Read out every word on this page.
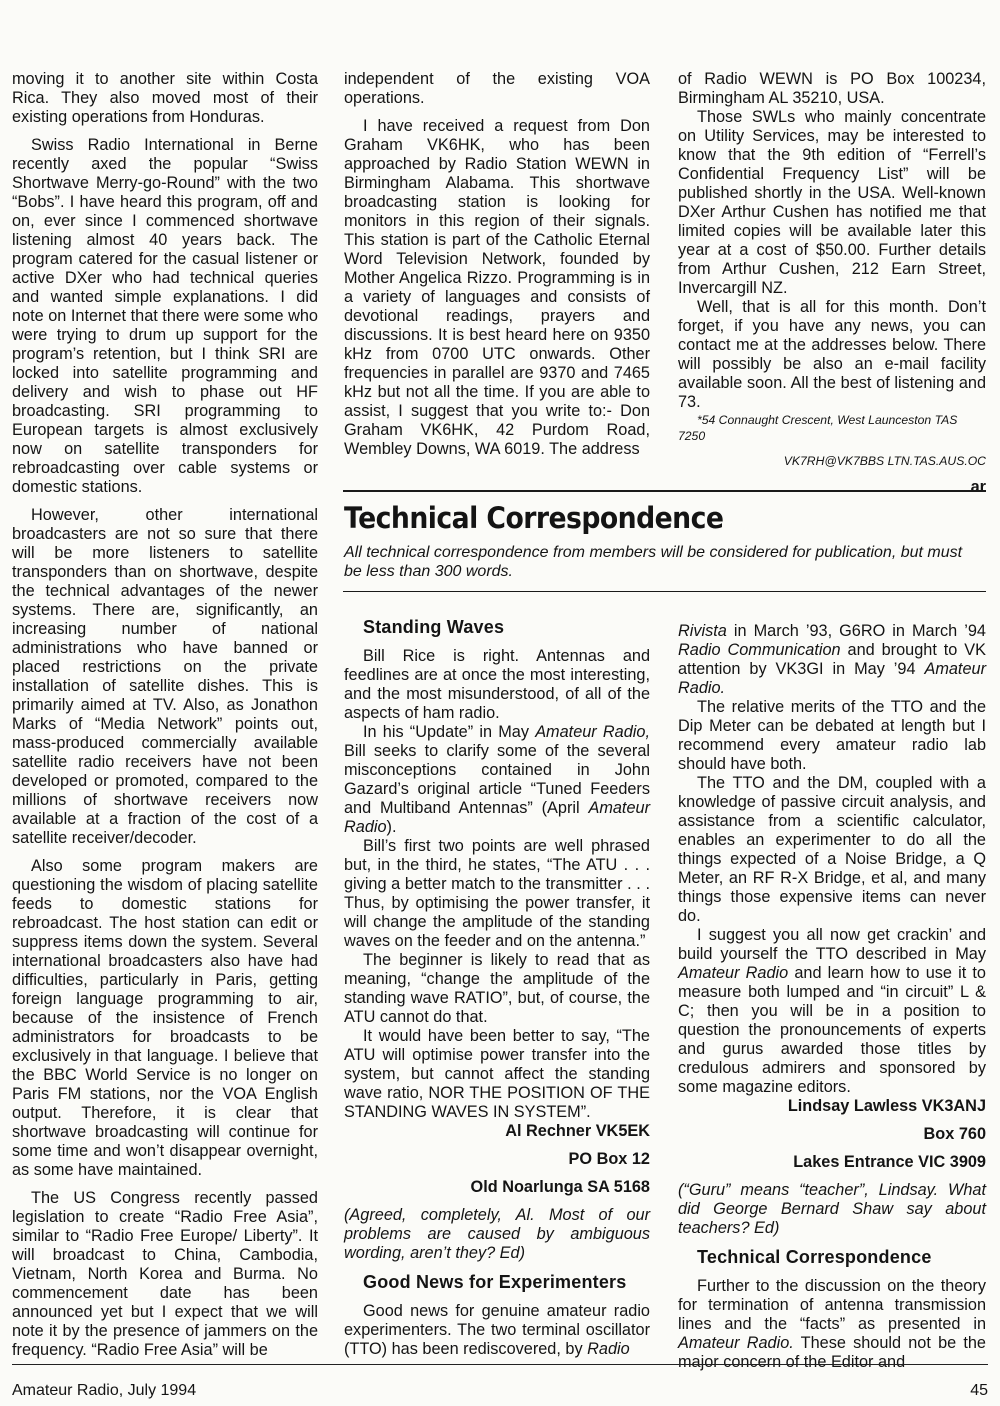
moving it to another site within Costa Rica. They also moved most of their existing operations from Honduras.

Swiss Radio International in Berne recently axed the popular “Swiss Shortwave Merry-go-Round” with the two “Bobs”. I have heard this program, off and on, ever since I commenced shortwave listening almost 40 years back. The program catered for the casual listener or active DXer who had technical queries and wanted simple explanations. I did note on Internet that there were some who were trying to drum up support for the program’s retention, but I think SRI are locked into satellite programming and delivery and wish to phase out HF broadcasting. SRI programming to European targets is almost exclusively now on satellite transponders for rebroadcasting over cable systems or domestic stations.

However, other international broadcasters are not so sure that there will be more listeners to satellite transponders than on shortwave, despite the technical advantages of the newer systems. There are, significantly, an increasing number of national administrations who have banned or placed restrictions on the private installation of satellite dishes. This is primarily aimed at TV. Also, as Jonathon Marks of “Media Network” points out, mass-produced commercially available satellite radio receivers have not been developed or promoted, compared to the millions of shortwave receivers now available at a fraction of the cost of a satellite receiver/decoder.

Also some program makers are questioning the wisdom of placing satellite feeds to domestic stations for rebroadcast. The host station can edit or suppress items down the system. Several international broadcasters also have had difficulties, particularly in Paris, getting foreign language programming to air, because of the insistence of French administrators for broadcasts to be exclusively in that language. I believe that the BBC World Service is no longer on Paris FM stations, nor the VOA English output. Therefore, it is clear that shortwave broadcasting will continue for some time and won’t disappear overnight, as some have maintained.

The US Congress recently passed legislation to create “Radio Free Asia”, similar to “Radio Free Europe/ Liberty”. It will broadcast to China, Cambodia, Vietnam, North Korea and Burma. No commencement date has been announced yet but I expect that we will note it by the presence of jammers on the frequency. “Radio Free Asia” will be

independent of the existing VOA operations.

I have received a request from Don Graham VK6HK, who has been approached by Radio Station WEWN in Birmingham Alabama. This shortwave broadcasting station is looking for monitors in this region of their signals. This station is part of the Catholic Eternal Word Television Network, founded by Mother Angelica Rizzo. Programming is in a variety of languages and consists of devotional readings, prayers and discussions. It is best heard here on 9350 kHz from 0700 UTC onwards. Other frequencies in parallel are 9370 and 7465 kHz but not all the time. If you are able to assist, I suggest that you write to:- Don Graham VK6HK, 42 Purdom Road, Wembley Downs, WA 6019. The address

of Radio WEWN is PO Box 100234, Birmingham AL 35210, USA.

Those SWLs who mainly concentrate on Utility Services, may be interested to know that the 9th edition of “Ferrell’s Confidential Frequency List” will be published shortly in the USA. Well-known DXer Arthur Cushen has notified me that limited copies will be available later this year at a cost of $50.00. Further details from Arthur Cushen, 212 Earn Street, Invercargill NZ.

Well, that is all for this month. Don’t forget, if you have any news, you can contact me at the addresses below. There will possibly be also an e-mail facility available soon. All the best of listening and 73.

*54 Connaught Crescent, West Launceston TAS 7250

VK7RH@VK7BBS LTN.TAS.AUS.OC

ar

Technical Correspondence

All technical correspondence from members will be considered for publication, but must be less than 300 words.

Standing Waves

Bill Rice is right. Antennas and feedlines are at once the most interesting, and the most misunderstood, of all of the aspects of ham radio.

In his “Update” in May Amateur Radio, Bill seeks to clarify some of the several misconceptions contained in John Gazard’s original article “Tuned Feeders and Multiband Antennas” (April Amateur Radio).

Bill’s first two points are well phrased but, in the third, he states, “The ATU . . . giving a better match to the transmitter . . . Thus, by optimising the power transfer, it will change the amplitude of the standing waves on the feeder and on the antenna.”

The beginner is likely to read that as meaning, “change the amplitude of the standing wave RATIO”, but, of course, the ATU cannot do that.

It would have been better to say, “The ATU will optimise power transfer into the system, but cannot affect the standing wave ratio, NOR THE POSITION OF THE STANDING WAVES IN SYSTEM”.

Al Rechner VK5EK

PO Box 12

Old Noarlunga SA 5168

(Agreed, completely, Al. Most of our problems are caused by ambiguous wording, aren’t they? Ed)

Good News for Experimenters

Good news for genuine amateur radio experimenters. The two terminal oscillator (TTO) has been rediscovered, by Radio

Rivista in March ’93, G6RO in March ’94 Radio Communication and brought to VK attention by VK3GI in May ’94 Amateur Radio.

The relative merits of the TTO and the Dip Meter can be debated at length but I recommend every amateur radio lab should have both.

The TTO and the DM, coupled with a knowledge of passive circuit analysis, and assistance from a scientific calculator, enables an experimenter to do all the things expected of a Noise Bridge, a Q Meter, an RF R-X Bridge, et al, and many things those expensive items can never do.

I suggest you all now get crackin’ and build yourself the TTO described in May Amateur Radio and learn how to use it to measure both lumped and “in circuit” L & C; then you will be in a position to question the pronouncements of experts and gurus awarded those titles by credulous admirers and sponsored by some magazine editors.

Lindsay Lawless VK3ANJ

Box 760

Lakes Entrance VIC 3909

(“Guru” means “teacher”, Lindsay. What did George Bernard Shaw say about teachers? Ed)

Technical Correspondence

Further to the discussion on the theory for termination of antenna transmission lines and the “facts” as presented in Amateur Radio. These should not be the major concern of the Editor and

Amateur Radio, July 1994	45
